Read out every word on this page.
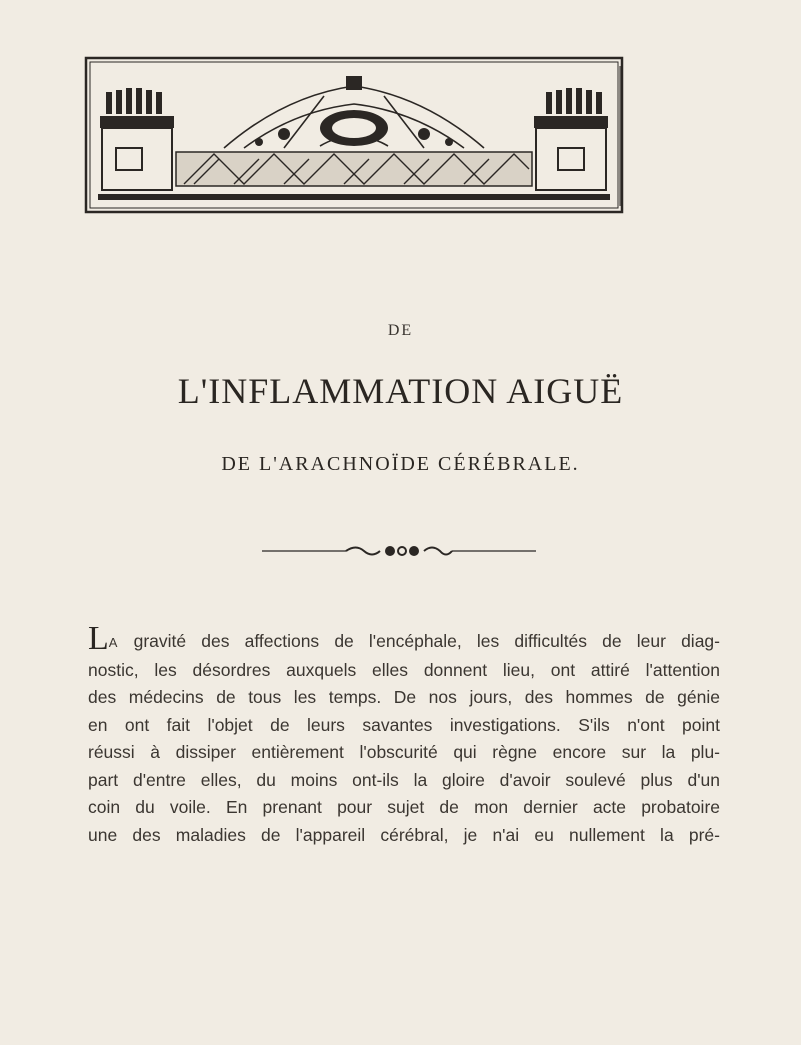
DE
L'INFLAMMATION AIGUË
DE L'ARACHNOÏDE CÉRÉBRALE.
LA gravité des affections de l'encéphale, les difficultés de leur diag-
nostic, les désordres auxquels elles donnent lieu, ont attiré l'attention
des médecins de tous les temps. De nos jours, des hommes de génie
en ont fait l'objet de leurs savantes investigations. S'ils n'ont point
réussi à dissiper entièrement l'obscurité qui règne encore sur la plu-
part d'entre elles, du moins ont-ils la gloire d'avoir soulevé plus d'un
coin du voile. En prenant pour sujet de mon dernier acte probatoire
une des maladies de l'appareil cérébral, je n'ai eu nullement la pré-
